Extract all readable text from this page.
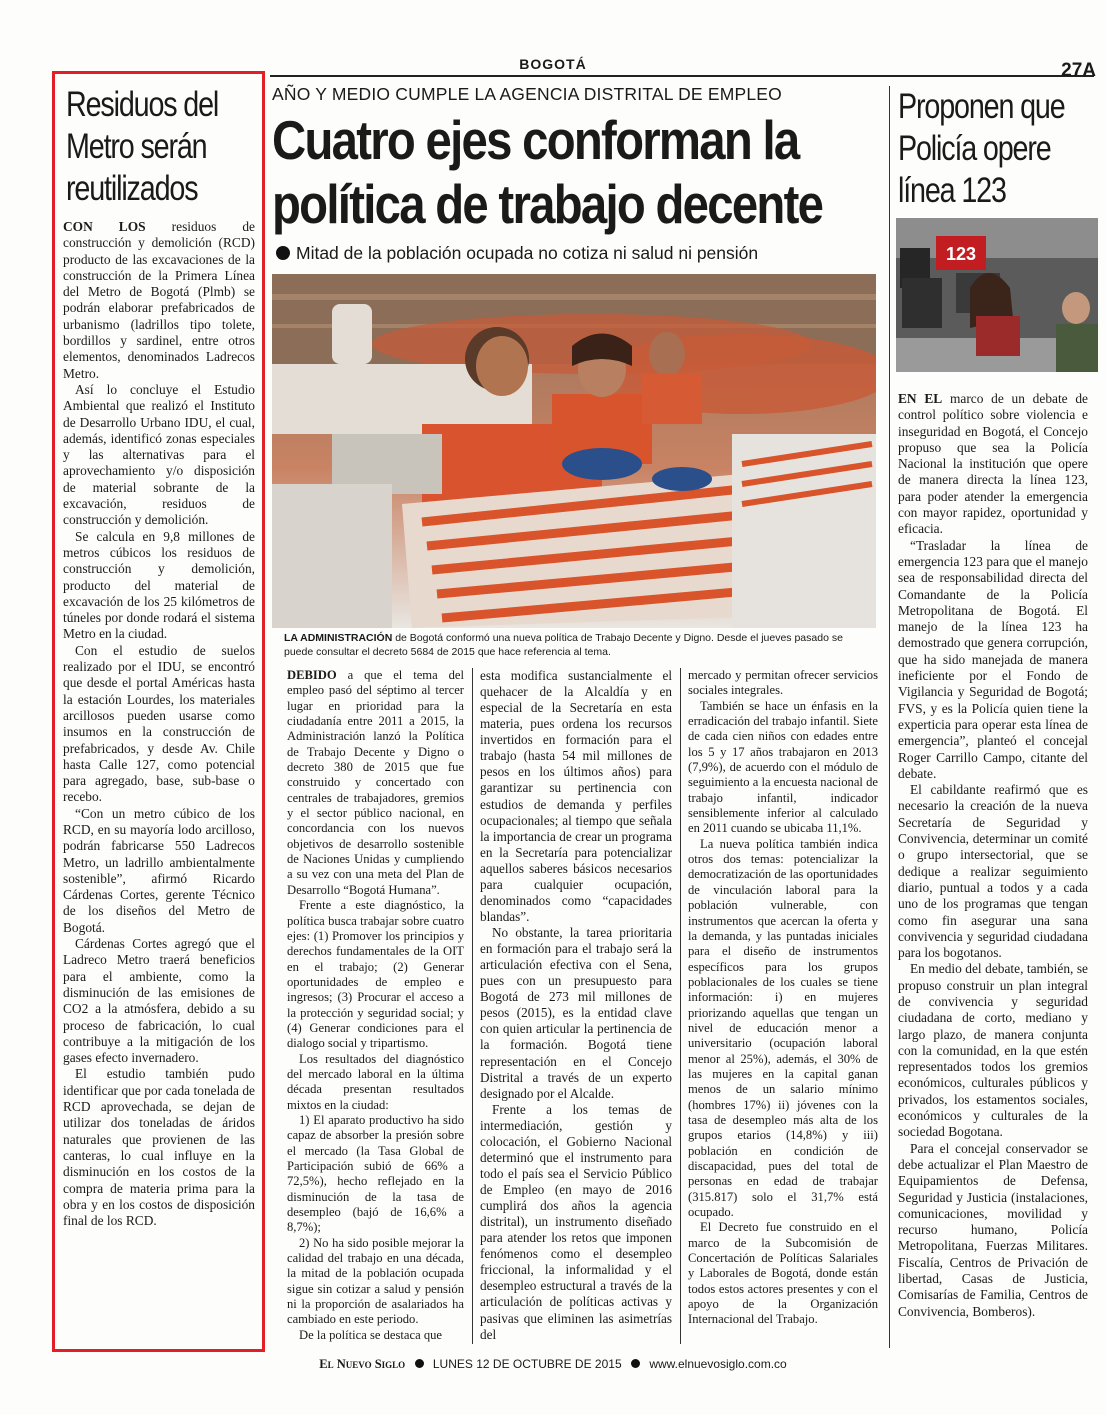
BOGOTÁ	27A
Residuos del Metro serán reutilizados

CON LOS residuos de construcción y demolición (RCD) producto de las excavaciones de la construcción de la Primera Línea del Metro de Bogotá (Plmb) se podrán elaborar prefabricados de urbanismo (ladrillos tipo tolete, bordillos y sardinel, entre otros elementos, denominados Ladrecos Metro.

Así lo concluye el Estudio Ambiental que realizó el Instituto de Desarrollo Urbano IDU, el cual, además, identificó zonas especiales y las alternativas para el aprovechamiento y/o disposición de material sobrante de la excavación, residuos de construcción y demolición.

Se calcula en 9,8 millones de metros cúbicos los residuos de construcción y demolición, producto del material de excavación de los 25 kilómetros de túneles por donde rodará el sistema Metro en la ciudad.

Con el estudio de suelos realizado por el IDU, se encontró que desde el portal Américas hasta la estación Lourdes, los materiales arcillosos pueden usarse como insumos en la construcción de prefabricados, y desde Av. Chile hasta Calle 127, como potencial para agregado, base, sub-base o recebo.

“Con un metro cúbico de los RCD, en su mayoría lodo arcilloso, podrán fabricarse 550 Ladrecos Metro, un ladrillo ambientalmente sostenible”, afirmó Ricardo Cárdenas Cortes, gerente Técnico de los diseños del Metro de Bogotá.

Cárdenas Cortes agregó que el Ladreco Metro traerá beneficios para el ambiente, como la disminución de las emisiones de CO2 a la atmósfera, debido a su proceso de fabricación, lo cual contribuye a la mitigación de los gases efecto invernadero.

El estudio también pudo identificar que por cada tonelada de RCD aprovechada, se dejan de utilizar dos toneladas de áridos naturales que provienen de las canteras, lo cual influye en la disminución en los costos de la compra de materia prima para la obra y en los costos de disposición final de los RCD.

AÑO Y MEDIO CUMPLE LA AGENCIA DISTRITAL DE EMPLEO
Cuatro ejes conforman la política de trabajo decente
Mitad de la población ocupada no cotiza ni salud ni pensión
LA ADMINISTRACIÓN de Bogotá conformó una nueva política de Trabajo Decente y Digno. Desde el jueves pasado se puede consultar el decreto 5684 de 2015 que hace referencia al tema.

DEBIDO a que el tema del empleo pasó del séptimo al tercer lugar en prioridad para la ciudadanía entre 2011 a 2015, la Administración lanzó la Política de Trabajo Decente y Digno o decreto 380 de 2015 que fue construido y concertado con centrales de trabajadores, gremios y el sector público nacional, en concordancia con los nuevos objetivos de desarrollo sostenible de Naciones Unidas y cumpliendo a su vez con una meta del Plan de Desarrollo “Bogotá Humana”.

Frente a este diagnóstico, la política busca trabajar sobre cuatro ejes: (1) Promover los principios y derechos fundamentales de la OIT en el trabajo; (2) Generar oportunidades de empleo e ingresos; (3) Procurar el acceso a la protección y seguridad social; y (4) Generar condiciones para el dialogo social y tripartismo.

Los resultados del diagnóstico del mercado laboral en la última década presentan resultados mixtos en la ciudad:

1) El aparato productivo ha sido capaz de absorber la presión sobre el mercado (la Tasa Global de Participación subió de 66% a 72,5%), hecho reflejado en la disminución de la tasa de desempleo (bajó de 16,6% a 8,7%);

2) No ha sido posible mejorar la calidad del trabajo en una década, la mitad de la población ocupada sigue sin cotizar a salud y pensión ni la proporción de asalariados ha cambiado en este periodo.

De la política se destaca que

esta modifica sustancialmente el quehacer de la Alcaldía y en especial de la Secretaría en esta materia, pues ordena los recursos invertidos en formación para el trabajo (hasta 54 mil millones de pesos en los últimos años) para garantizar su pertinencia con estudios de demanda y perfiles ocupacionales; al tiempo que señala la importancia de crear un programa en la Secretaría para potencializar aquellos saberes básicos necesarios para cualquier ocupación, denominados como “capacidades blandas”.

No obstante, la tarea prioritaria en formación para el trabajo será la articulación efectiva con el Sena, pues con un presupuesto para Bogotá de 273 mil millones de pesos (2015), es la entidad clave con quien articular la pertinencia de la formación. Bogotá tiene representación en el Concejo Distrital a través de un experto designado por el Alcalde.

Frente a los temas de intermediación, gestión y colocación, el Gobierno Nacional determinó que el instrumento para todo el país sea el Servicio Público de Empleo (en mayo de 2016 cumplirá dos años la agencia distrital), un instrumento diseñado para atender los retos que imponen fenómenos como el desempleo friccional, la informalidad y el desempleo estructural a través de la articulación de políticas activas y pasivas que eliminen las asimetrías del

mercado y permitan ofrecer servicios sociales integrales.

También se hace un énfasis en la erradicación del trabajo infantil. Siete de cada cien niños con edades entre los 5 y 17 años trabajaron en 2013 (7,9%), de acuerdo con el módulo de seguimiento a la encuesta nacional de trabajo infantil, indicador sensiblemente inferior al calculado en 2011 cuando se ubicaba 11,1%.

La nueva política también indica otros dos temas: potencializar la democratización de las oportunidades de vinculación laboral para la población vulnerable, con instrumentos que acercan la oferta y la demanda, y las puntadas iniciales para el diseño de instrumentos específicos para los grupos poblacionales de los cuales se tiene información: i) en mujeres priorizando aquellas que tengan un nivel de educación menor a universitario (ocupación laboral menor al 25%), además, el 30% de las mujeres en la capital ganan menos de un salario mínimo (hombres 17%) ii) jóvenes con la tasa de desempleo más alta de los grupos etarios (14,8%) y iii) población en condición de discapacidad, pues del total de personas en edad de trabajar (315.817) solo el 31,7% está ocupado.

El Decreto fue construido en el marco de la Subcomisión de Concertación de Políticas Salariales y Laborales de Bogotá, donde están todos estos actores presentes y con el apoyo de la Organización Internacional del Trabajo.

Proponen que Policía opere línea 123
123

EN EL marco de un debate de control político sobre violencia e inseguridad en Bogotá, el Concejo propuso que sea la Policía Nacional la institución que opere de manera directa la línea 123, para poder atender la emergencia con mayor rapidez, oportunidad y eficacia.

“Trasladar la línea de emergencia 123 para que el manejo sea de responsabilidad directa del Comandante de la Policía Metropolitana de Bogotá. El manejo de la línea 123 ha demostrado que genera corrupción, que ha sido manejada de manera ineficiente por el Fondo de Vigilancia y Seguridad de Bogotá; FVS, y es la Policía quien tiene la experticia para operar esta línea de emergencia”, planteó el concejal Roger Carrillo Campo, citante del debate.

El cabildante reafirmó que es necesario la creación de la nueva Secretaría de Seguridad y Convivencia, determinar un comité o grupo intersectorial, que se dedique a realizar seguimiento diario, puntual a todos y a cada uno de los programas que tengan como fin asegurar una sana convivencia y seguridad ciudadana para los bogotanos.

En medio del debate, también, se propuso construir un plan integral de convivencia y seguridad ciudadana de corto, mediano y largo plazo, de manera conjunta con la comunidad, en la que estén representados todos los gremios económicos, culturales públicos y privados, los estamentos sociales, económicos y culturales de la sociedad Bogotana.

Para el concejal conservador se debe actualizar el Plan Maestro de Equipamientos de Defensa, Seguridad y Justicia (instalaciones, comunicaciones, movilidad y recurso humano, Policía Metropolitana, Fuerzas Militares. Fiscalía, Centros de Privación de libertad, Casas de Justicia, Comisarías de Familia, Centros de Convivencia, Bomberos).

El Nuevo Siglo LUNES 12 DE OCTUBRE DE 2015 www.elnuevosiglo.com.co
